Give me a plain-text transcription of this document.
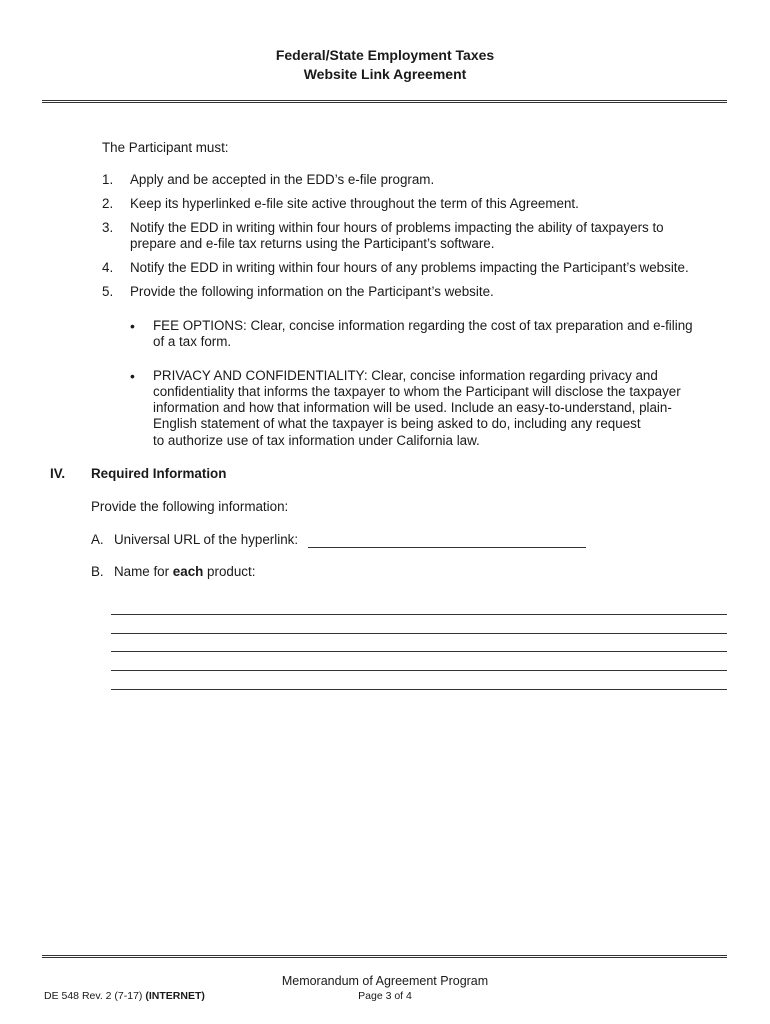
Federal/State Employment Taxes
Website Link Agreement
The Participant must:
1.	Apply and be accepted in the EDD’s e-file program.
2.	Keep its hyperlinked e-file site active throughout the term of this Agreement.
3.	Notify the EDD in writing within four hours of problems impacting the ability of taxpayers to
prepare and e-file tax returns using the Participant’s software.
4.	Notify the EDD in writing within four hours of any problems impacting the Participant’s website.
5.	Provide the following information on the Participant’s website.
• FEE OPTIONS: Clear, concise information regarding the cost of tax preparation and e-filing
of a tax form.
• PRIVACY AND CONFIDENTIALITY: Clear, concise information regarding privacy and
confidentiality that informs the taxpayer to whom the Participant will disclose the taxpayer
information and how that information will be used. Include an easy-to-understand, plain-
English statement of what the taxpayer is being asked to do, including any request
to authorize use of tax information under California law.
IV. Required Information
Provide the following information:
A. Universal URL of the hyperlink:
B. Name for each product:
Memorandum of Agreement Program
Page 3 of 4
DE 548 Rev. 2 (7-17) (INTERNET)
